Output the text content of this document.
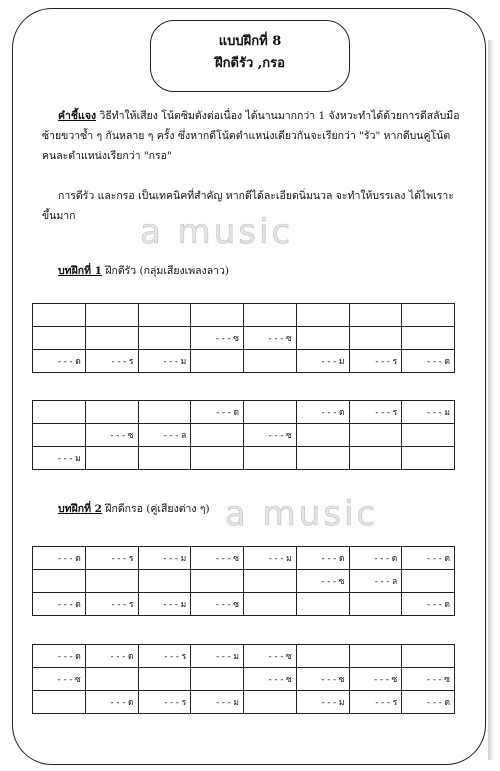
แบบฝึกที่ 8
ฝึกดีรัว ,กรอ
คำชี้แจง วิธีทำให้เสียง โน้ตซิมตังต่อเนื่อง ได้นานมากกว่า 1 จังหวะทำได้ด้วยการดีสลับมือซ้ายขวาซ้ำ ๆ กันหลาย ๆ ครั้ง ซึ่งหากดีโน้ตตำแหน่งเดียวกันจะเรียกว่า "รัว" หากดีบนคู่โน้ตคนละตำแหน่งเรียกว่า "กรอ"
การดีรัว และกรอ เป็นเทคนิคที่สำคัญ หากดีได้ละเอียดนิ่มนวล จะทำให้บรรเลง ได้ไพเราะขึ้นมาก	a music
บทฝึกที่ 1 ฝึกดีรัว (กลุ่มเสียงเพลงลาว)

			- - - ซ	- - - ซ			
- - - ด	- - - ร	- - - ม			- - - ม	- - - ร	- - - ด
			- - - ด		- - - ด	- - - ร	- - - ม
	- - - ซ	- - - ล		- - - ซ			
- - - ม							
บทฝึกที่ 2 ฝึกดีกรอ (คู่เสียงต่าง ๆ) a music
- - - ด	- - - ร	- - - ม	- - - ซ	- - - ม	- - - ด	- - - ด	- - - ด
					- - - ซ	- - - ล	
- - - ด	- - - ร	- - - ม	- - - ซ				- - - ด
- - - ด	- - - ด	- - - ร	- - - ม	- - - ซ			
- - - ซ				- - - ซ	- - - ซ	- - - ซ	- - - ซ
	- - - ด	- - - ร	- - - ม		- - - ม	- - - ร	- - - ด
